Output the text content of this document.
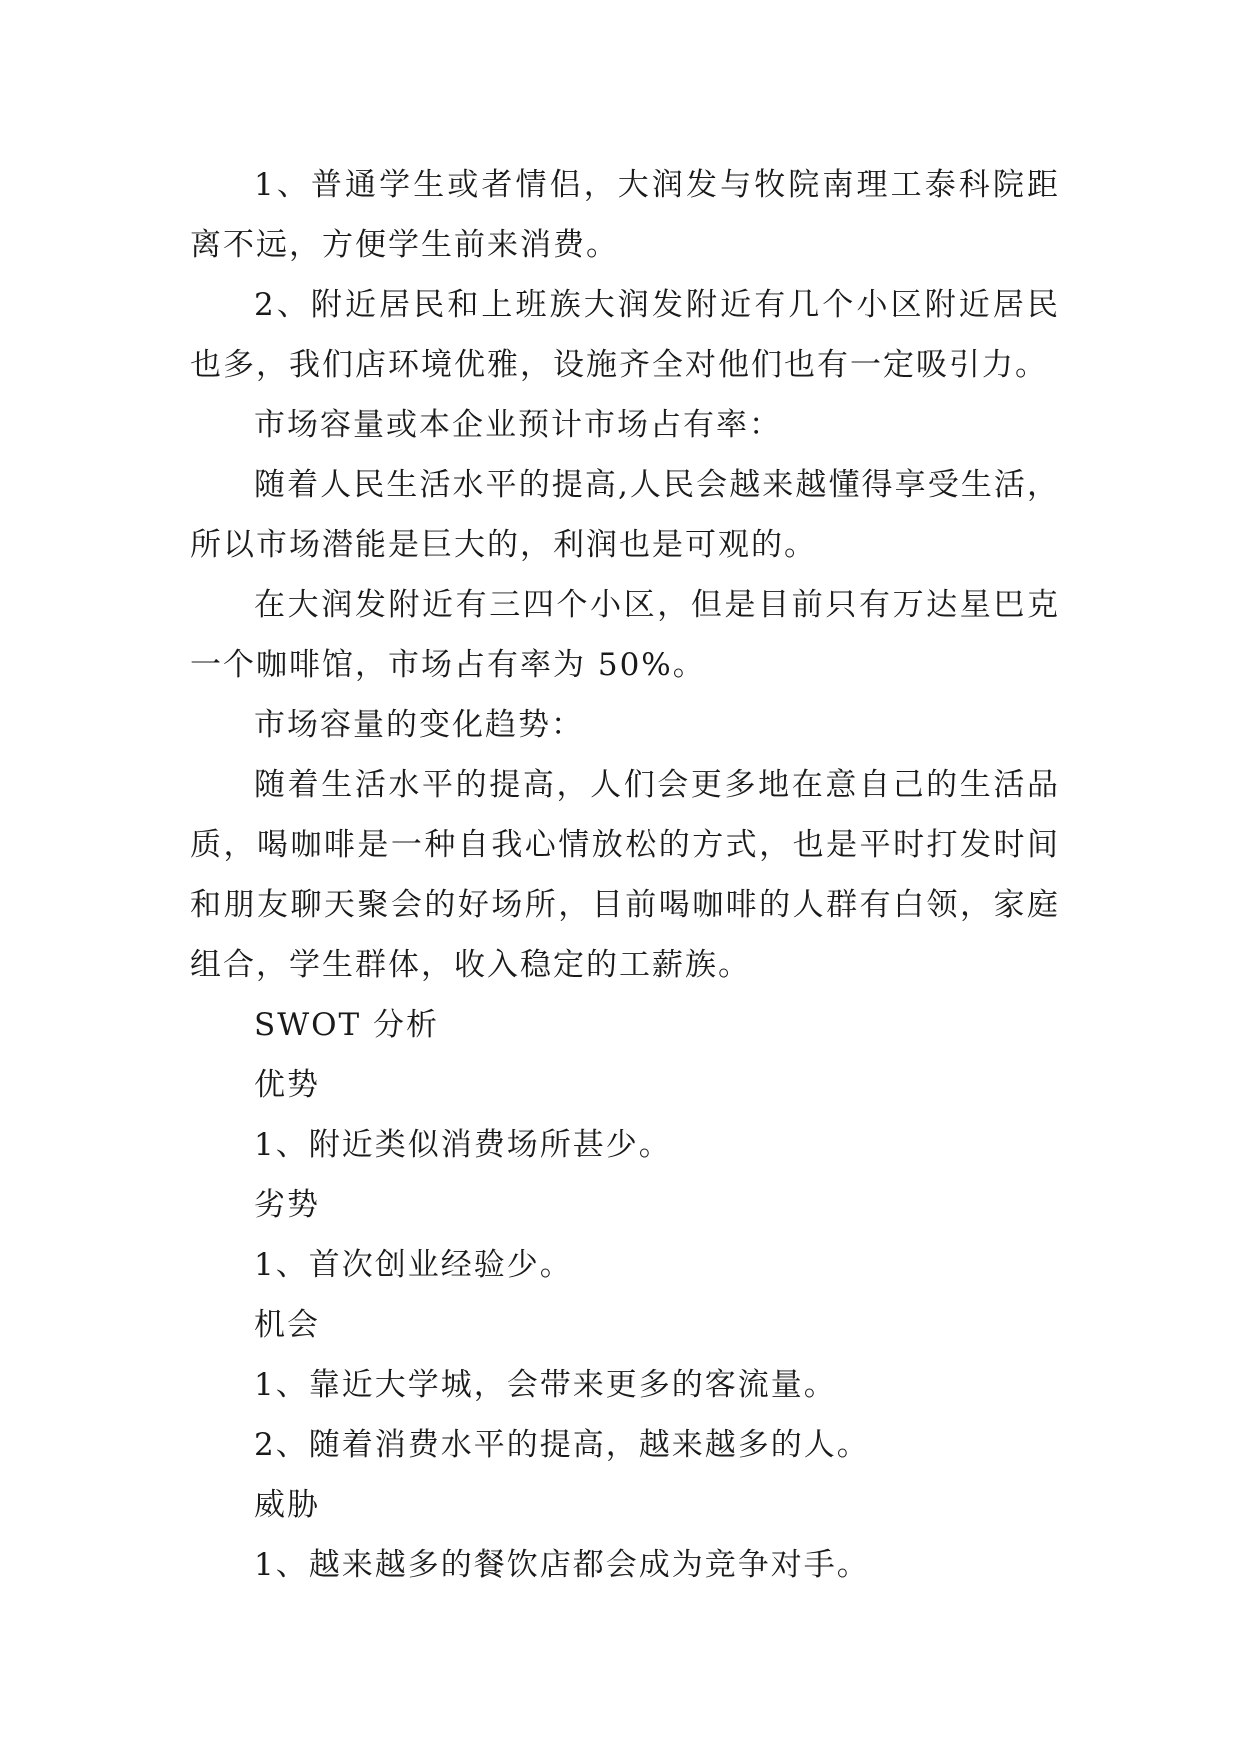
1、普通学生或者情侣，大润发与牧院南理工泰科院距离不远，方便学生前来消费。

2、附近居民和上班族大润发附近有几个小区附近居民也多，我们店环境优雅，设施齐全对他们也有一定吸引力。

市场容量或本企业预计市场占有率：

随着人民生活水平的提高,人民会越来越懂得享受生活，所以市场潜能是巨大的，利润也是可观的。

在大润发附近有三四个小区，但是目前只有万达星巴克一个咖啡馆，市场占有率为 50%。

市场容量的变化趋势：

随着生活水平的提高，人们会更多地在意自己的生活品质，喝咖啡是一种自我心情放松的方式，也是平时打发时间和朋友聊天聚会的好场所，目前喝咖啡的人群有白领，家庭组合，学生群体，收入稳定的工薪族。

SWOT 分析

优势

1、附近类似消费场所甚少。

劣势

1、首次创业经验少。

机会

1、靠近大学城，会带来更多的客流量。

2、随着消费水平的提高，越来越多的人。

威胁

1、越来越多的餐饮店都会成为竞争对手。
